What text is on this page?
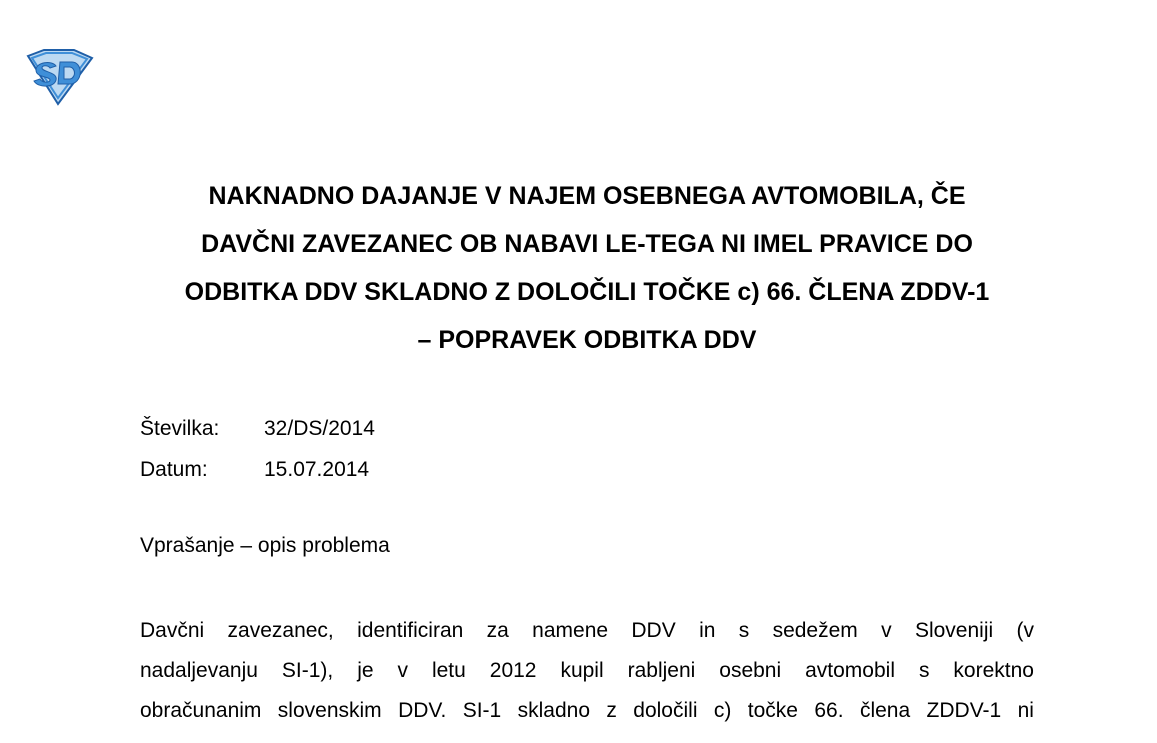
NAKNADNO DAJANJE V NAJEM OSEBNEGA AVTOMOBILA, ČE
DAVČNI ZAVEZANEC OB NABAVI LE-TEGA NI IMEL PRAVICE DO
ODBITKA DDV SKLADNO Z DOLOČILI TOČKE c) 66. ČLENA ZDDV-1
– POPRAVEK ODBITKA DDV
Številka:	32/DS/2014
Datum:	15.07.2014
Vprašanje – opis problema
Davčni zavezanec, identificiran za namene DDV in s sedežem v Sloveniji (v
nadaljevanju SI-1), je v letu 2012 kupil rabljeni osebni avtomobil s korektno
obračunanim slovenskim DDV. SI-1 skladno z določili c) točke 66. člena ZDDV-1 ni
